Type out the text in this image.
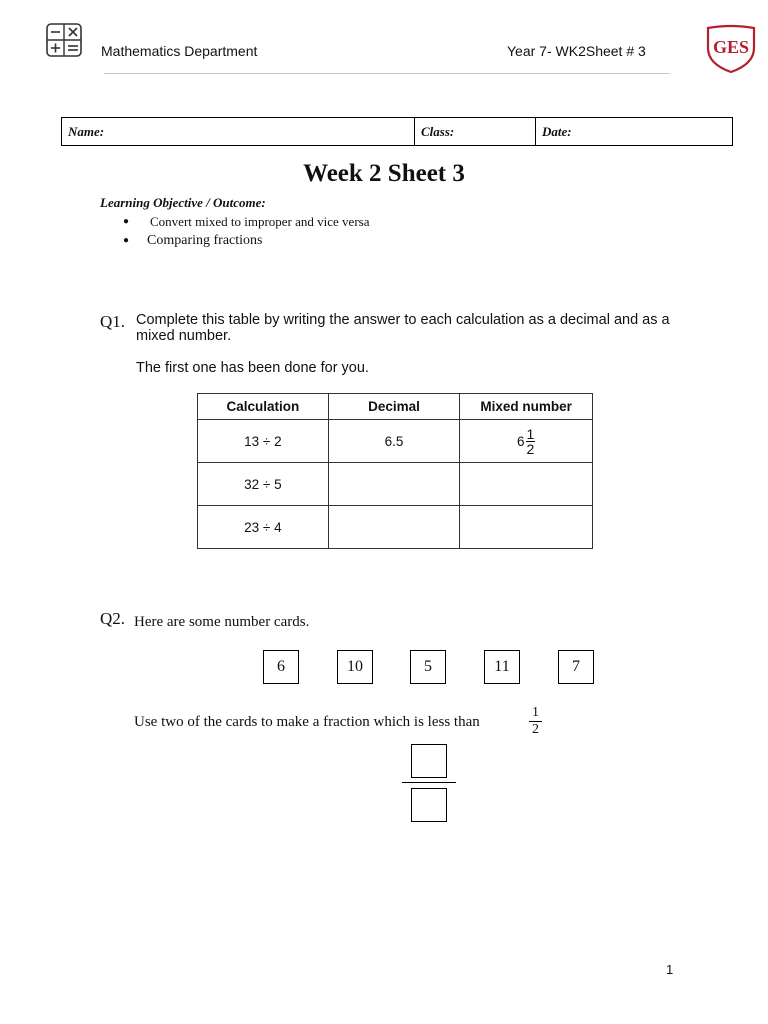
Mathematics Department	Year 7- WK2Sheet # 3	GES
Name:	Class:	Date:
Week 2 Sheet 3
Learning Objective / Outcome:
● Convert mixed to improper and vice versa
● Comparing fractions
Q1. Complete this table by writing the answer to each calculation as a decimal and as a mixed number.
The first one has been done for you.
Calculation	Decimal	Mixed number
13 ÷ 2	6.5	$6 \frac{1}{2}$

32 ÷ 5		
23 ÷ 4		
Q2. Here are some number cards.
6	10	5	11	7
Use two of the cards to make a fraction which is less than	$\frac{1}{2}$
1
